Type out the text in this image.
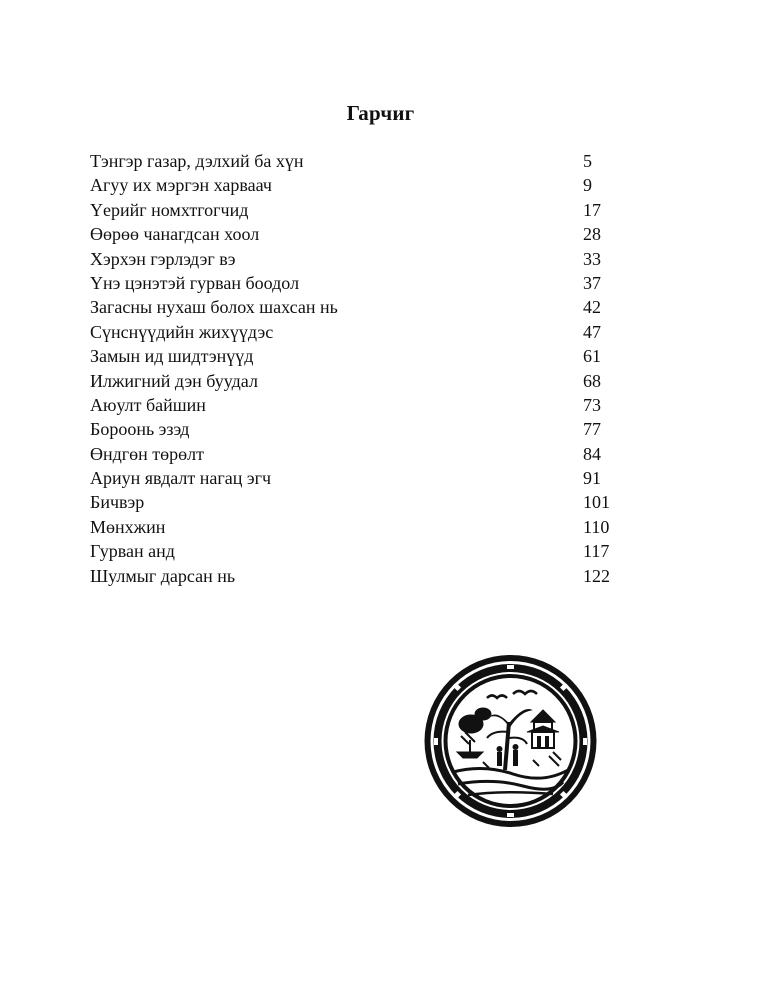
Гарчиг
Тэнгэр газар, дэлхий ба хүн	5
Агуу их мэргэн харваач	9
Үерийг номхтгогчид	17
Өөрөө чанагдсан хоол	28
Хэрхэн гэрлэдэг вэ	33
Үнэ цэнэтэй гурван боодол	37
Загасны нухаш болох шахсан нь	42
Сүнснүүдийн жихүүдэс	47
Замын ид шидтэнүүд	61
Илжигний дэн буудал	68
Аюулт байшин	73
Бороонь эзэд	77
Өндгөн төрөлт	84
Ариун явдалт нагац эгч	91
Бичвэр	101
Мөнхжин	110
Гурван анд	117
Шулмыг дарсан нь	122
